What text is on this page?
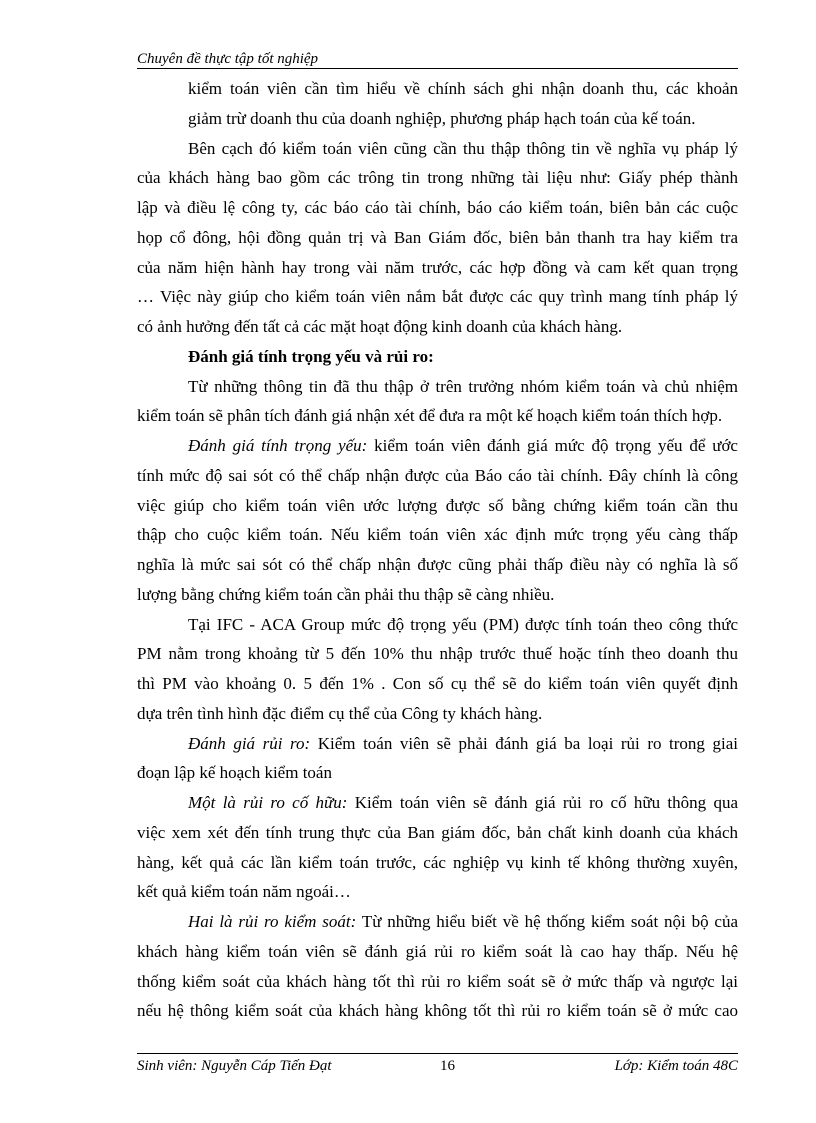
Chuyên đề thực tập tốt nghiệp
kiểm toán viên cần tìm hiểu về chính sách ghi nhận doanh thu, các khoản
giảm trừ doanh thu của doanh nghiệp, phương pháp hạch toán của kế toán.
Bên cạch đó kiểm toán viên cũng cần thu thập thông tin về nghĩa vụ pháp lý
của khách hàng bao gồm các trông tin trong những tài liệu như: Giấy phép thành
lập và điều lệ công ty, các báo cáo tài chính, báo cáo kiểm toán, biên bản các cuộc
họp cổ đông, hội đồng quản trị và Ban Giám đốc, biên bản thanh tra hay kiểm tra
của năm hiện hành hay trong vài năm trước, các hợp đồng và cam kết quan trọng
… Việc này giúp cho kiểm toán viên nắm bắt được các quy trình mang tính pháp lý
có ảnh hưởng đến tất cả các mặt hoạt động kinh doanh của khách hàng.
Đánh giá tính trọng yếu và rủi ro:
Từ những thông tin đã thu thập ở trên trưởng nhóm kiểm toán và chủ nhiệm
kiểm toán sẽ phân tích đánh giá nhận xét để đưa ra một kế hoạch kiểm toán thích hợp.
Đánh giá tính trọng yếu: kiểm toán viên đánh giá mức độ trọng yếu để ước
tính mức độ sai sót có thể chấp nhận được của Báo cáo tài chính. Đây chính là công
việc giúp cho kiểm toán viên ước lượng được số bằng chứng kiểm toán cần thu
thập cho cuộc kiểm toán. Nếu kiểm toán viên xác định mức trọng yếu càng thấp
nghĩa là mức sai sót có thể chấp nhận được cũng phải thấp điều này có nghĩa là số
lượng bằng chứng kiểm toán cần phải thu thập sẽ càng nhiều.
Tại IFC - ACA Group mức độ trọng yếu (PM) được tính toán theo công thức
PM nằm trong khoảng từ 5 đến 10% thu nhập trước thuế hoặc tính theo doanh thu
thì PM vào khoảng 0. 5 đến 1% . Con số cụ thể sẽ do kiểm toán viên quyết định
dựa trên tình hình đặc điểm cụ thể của Công ty khách hàng.
Đánh giá rủi ro: Kiểm toán viên sẽ phải đánh giá ba loại rủi ro trong giai
đoạn lập kế hoạch kiểm toán
Một là rủi ro cố hữu: Kiểm toán viên sẽ đánh giá rủi ro cố hữu thông qua
việc xem xét đến tính trung thực của Ban giám đốc, bản chất kinh doanh của khách
hàng, kết quả các lần kiểm toán trước, các nghiệp vụ kinh tế không thường xuyên,
kết quả kiểm toán năm ngoái…
Hai là rủi ro kiểm soát: Từ những hiểu biết về hệ thống kiểm soát nội bộ của
khách hàng kiểm toán viên sẽ đánh giá rủi ro kiểm soát là cao hay thấp. Nếu hệ
thống kiểm soát của khách hàng tốt thì rủi ro kiểm soát sẽ ở mức thấp và ngược lại
nếu hệ thông kiểm soát của khách hàng không tốt thì rủi ro kiểm toán sẽ ở mức cao
Sinh viên: Nguyễn Cáp Tiến Đạt	16	Lớp: Kiểm toán 48C
